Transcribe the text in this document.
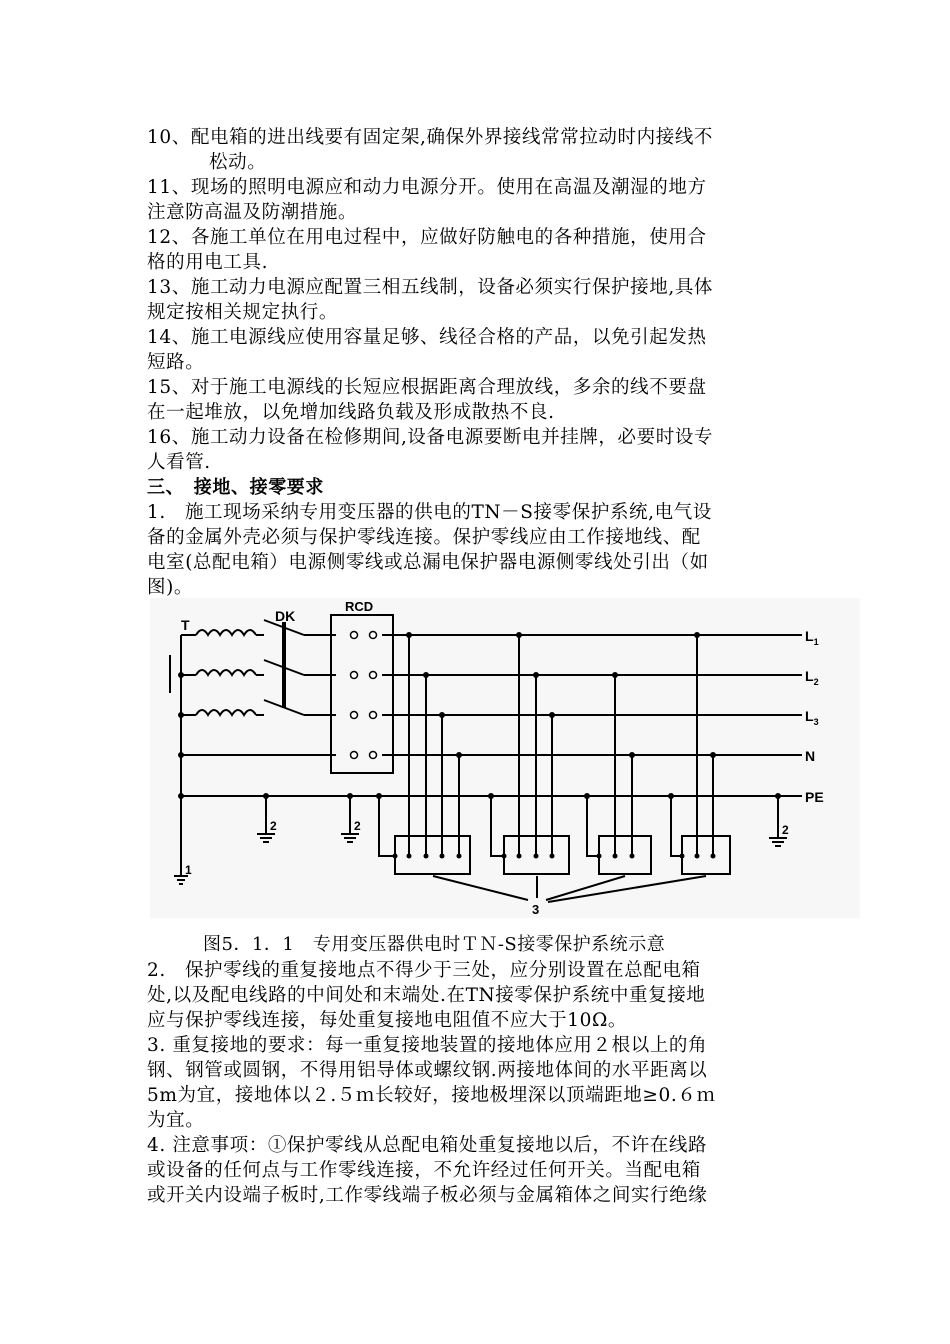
10、配电箱的进出线要有固定架,确保外界接线常常拉动时内接线不

松动。

11、现场的照明电源应和动力电源分开。使用在高温及潮湿的地方

注意防高温及防潮措施。

12、各施工单位在用电过程中，应做好防触电的各种措施，使用合

格的用电工具.

13、施工动力电源应配置三相五线制，设备必须实行保护接地,具体

规定按相关规定执行。

14、施工电源线应使用容量足够、线径合格的产品，以免引起发热

短路。

15、对于施工电源线的长短应根据距离合理放线，多余的线不要盘

在一起堆放，以免增加线路负载及形成散热不良.

16、施工动力设备在检修期间,设备电源要断电并挂牌，必要时设专

人看管.

三、　接地、接零要求

1.　施工现场采纳专用变压器的供电的TN－S接零保护系统,电气设

备的金属外壳必须与保护零线连接。保护零线应由工作接地线、配

电室(总配电箱）电源侧零线或总漏电保护器电源侧零线处引出（如

图)。

T
DK
RCD
$L_1$
$L_2$
$L_3$
N
PE
1
2	2	2
3
图5．1．1　专用变压器供电时ＴＮ-S接零保护系统示意

2.　保护零线的重复接地点不得少于三处，应分别设置在总配电箱

处,以及配电线路的中间处和末端处.在TN接零保护系统中重复接地

应与保护零线连接，每处重复接地电阻值不应大于10Ω。

3. 重复接地的要求：每一重复接地装置的接地体应用２根以上的角

钢、钢管或圆钢，不得用铝导体或螺纹钢.两接地体间的水平距离以

5m为宜，接地体以２.５ｍ长较好，接地极埋深以顶端距地≥0.６ｍ

为宜。

4. 注意事项：①保护零线从总配电箱处重复接地以后，不许在线路

或设备的任何点与工作零线连接，不允许经过任何开关。当配电箱

或开关内设端子板时,工作零线端子板必须与金属箱体之间实行绝缘
